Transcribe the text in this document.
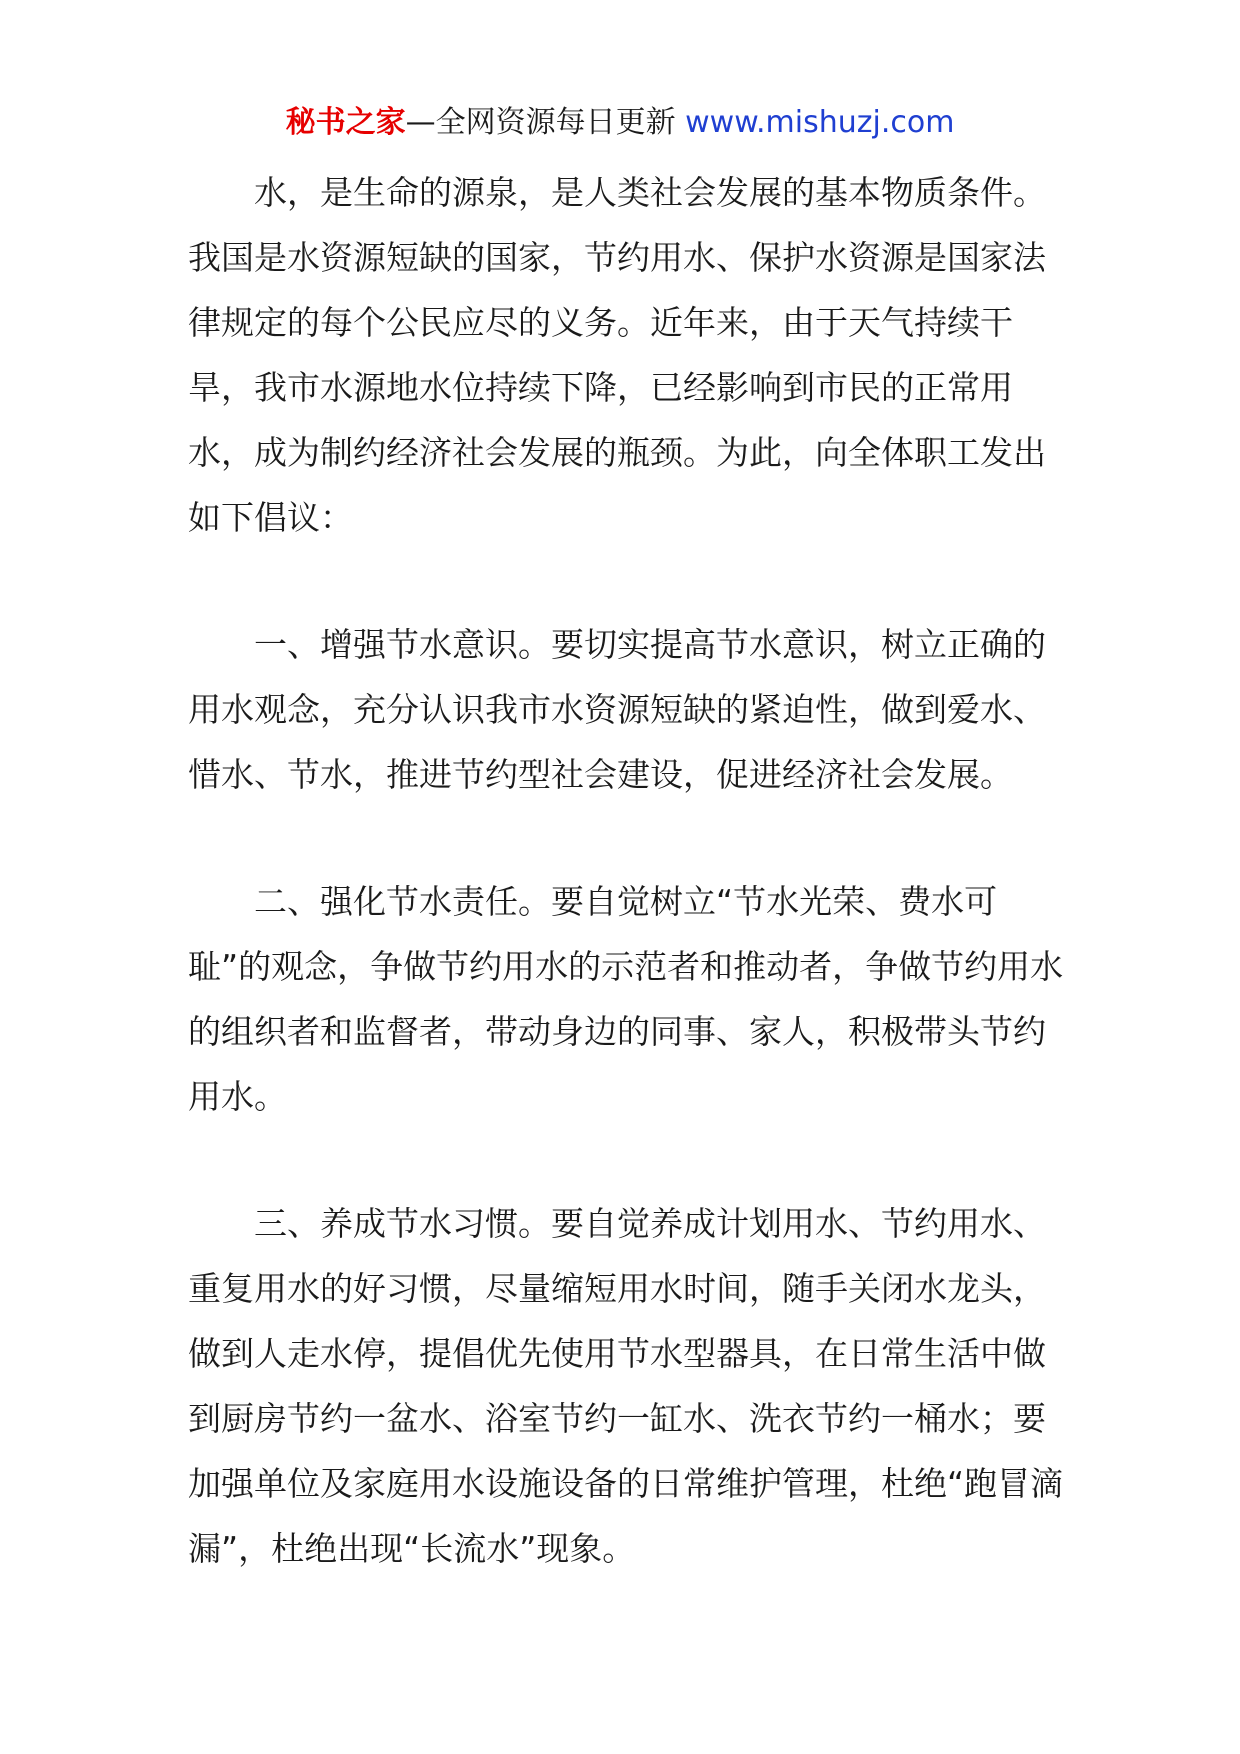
秘书之家—全网资源每日更新 www.mishuzj.com

水，是生命的源泉，是人类社会发展的基本物质条件。我国是水资源短缺的国家，节约用水、保护水资源是国家法律规定的每个公民应尽的义务。近年来，由于天气持续干旱，我市水源地水位持续下降，已经影响到市民的正常用水，成为制约经济社会发展的瓶颈。为此，向全体职工发出如下倡议：

一、增强节水意识。要切实提高节水意识，树立正确的用水观念，充分认识我市水资源短缺的紧迫性，做到爱水、惜水、节水，推进节约型社会建设，促进经济社会发展。

二、强化节水责任。要自觉树立“节水光荣、费水可耻”的观念，争做节约用水的示范者和推动者，争做节约用水的组织者和监督者，带动身边的同事、家人，积极带头节约用水。

三、养成节水习惯。要自觉养成计划用水、节约用水、重复用水的好习惯，尽量缩短用水时间，随手关闭水龙头，做到人走水停，提倡优先使用节水型器具，在日常生活中做到厨房节约一盆水、浴室节约一缸水、洗衣节约一桶水；要加强单位及家庭用水设施设备的日常维护管理，杜绝“跑冒滴漏”，杜绝出现“长流水”现象。
